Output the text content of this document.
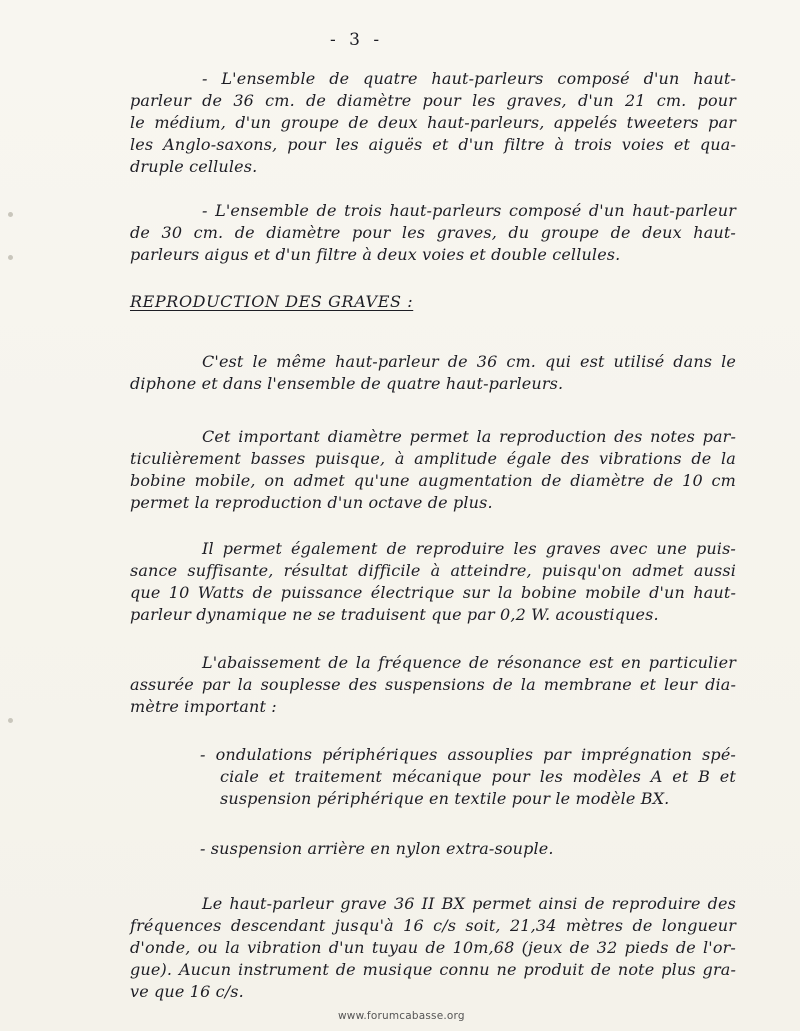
- 3 -
- L'ensemble de quatre haut-parleurs composé d'un haut-
parleur de 36 cm. de diamètre pour les graves, d'un 21 cm. pour
le médium, d'un groupe de deux haut-parleurs, appelés tweeters par
les Anglo-saxons, pour les aiguës et d'un filtre à trois voies et qua-
druple cellules.
- L'ensemble de trois haut-parleurs composé d'un haut-parleur
de 30 cm. de diamètre pour les graves, du groupe de deux haut-
parleurs aigus et d'un filtre à deux voies et double cellules.
REPRODUCTION DES GRAVES :
C'est le même haut-parleur de 36 cm. qui est utilisé dans le
diphone et dans l'ensemble de quatre haut-parleurs.
Cet important diamètre permet la reproduction des notes par-
ticulièrement basses puisque, à amplitude égale des vibrations de la
bobine mobile, on admet qu'une augmentation de diamètre de 10 cm
permet la reproduction d'un octave de plus.
Il permet également de reproduire les graves avec une puis-
sance suffisante, résultat difficile à atteindre, puisqu'on admet aussi
que 10 Watts de puissance électrique sur la bobine mobile d'un haut-
parleur dynamique ne se traduisent que par 0,2 W. acoustiques.
L'abaissement de la fréquence de résonance est en particulier
assurée par la souplesse des suspensions de la membrane et leur dia-
mètre important :
- ondulations périphériques assouplies par imprégnation spé-
ciale et traitement mécanique pour les modèles A et B et
suspension périphérique en textile pour le modèle BX.
- suspension arrière en nylon extra-souple.
Le haut-parleur grave 36 II BX permet ainsi de reproduire des
fréquences descendant jusqu'à 16 c/s soit, 21,34 mètres de longueur
d'onde, ou la vibration d'un tuyau de 10m,68 (jeux de 32 pieds de l'or-
gue). Aucun instrument de musique connu ne produit de note plus gra-
ve que 16 c/s.
www.forumcabasse.org
